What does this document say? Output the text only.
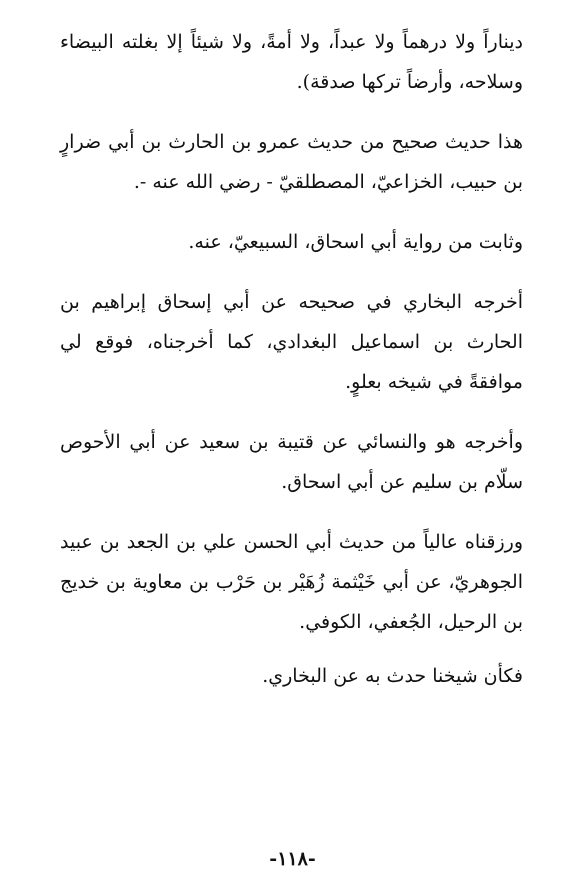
ديناراً ولا درهماً ولا عبداً، ولا أمةً، ولا شيئاً إلا بغلته البيضاء وسلاحه، وأرضاً تركها صدقة).

هذا حديث صحيح من حديث عمرو بن الحارث بن أبي ضرارٍ بن حبيب، الخزاعيّ، المصطلقيّ - رضي الله عنه -.

وثابت من رواية أبي اسحاق، السبيعيّ، عنه.

أخرجه البخاري في صحيحه عن أبي إسحاق إبراهيم بن الحارث بن اسماعيل البغدادي، كما أخرجناه، فوقع لي موافقةً في شيخه بعلوٍ.

وأخرجه هو والنسائي عن قتيبة بن سعيد عن أبي الأحوص سلّام بن سليم عن أبي اسحاق.

ورزقناه عالياً من حديث أبي الحسن علي بن الجعد بن عبيد الجوهريّ، عن أبي خَيْثمة زُهَيْر بن حَرْب بن معاوية بن خديج بن الرحيل، الجُعفي، الكوفي.

فكأن شيخنا حدث به عن البخاري.

-١١٨-
